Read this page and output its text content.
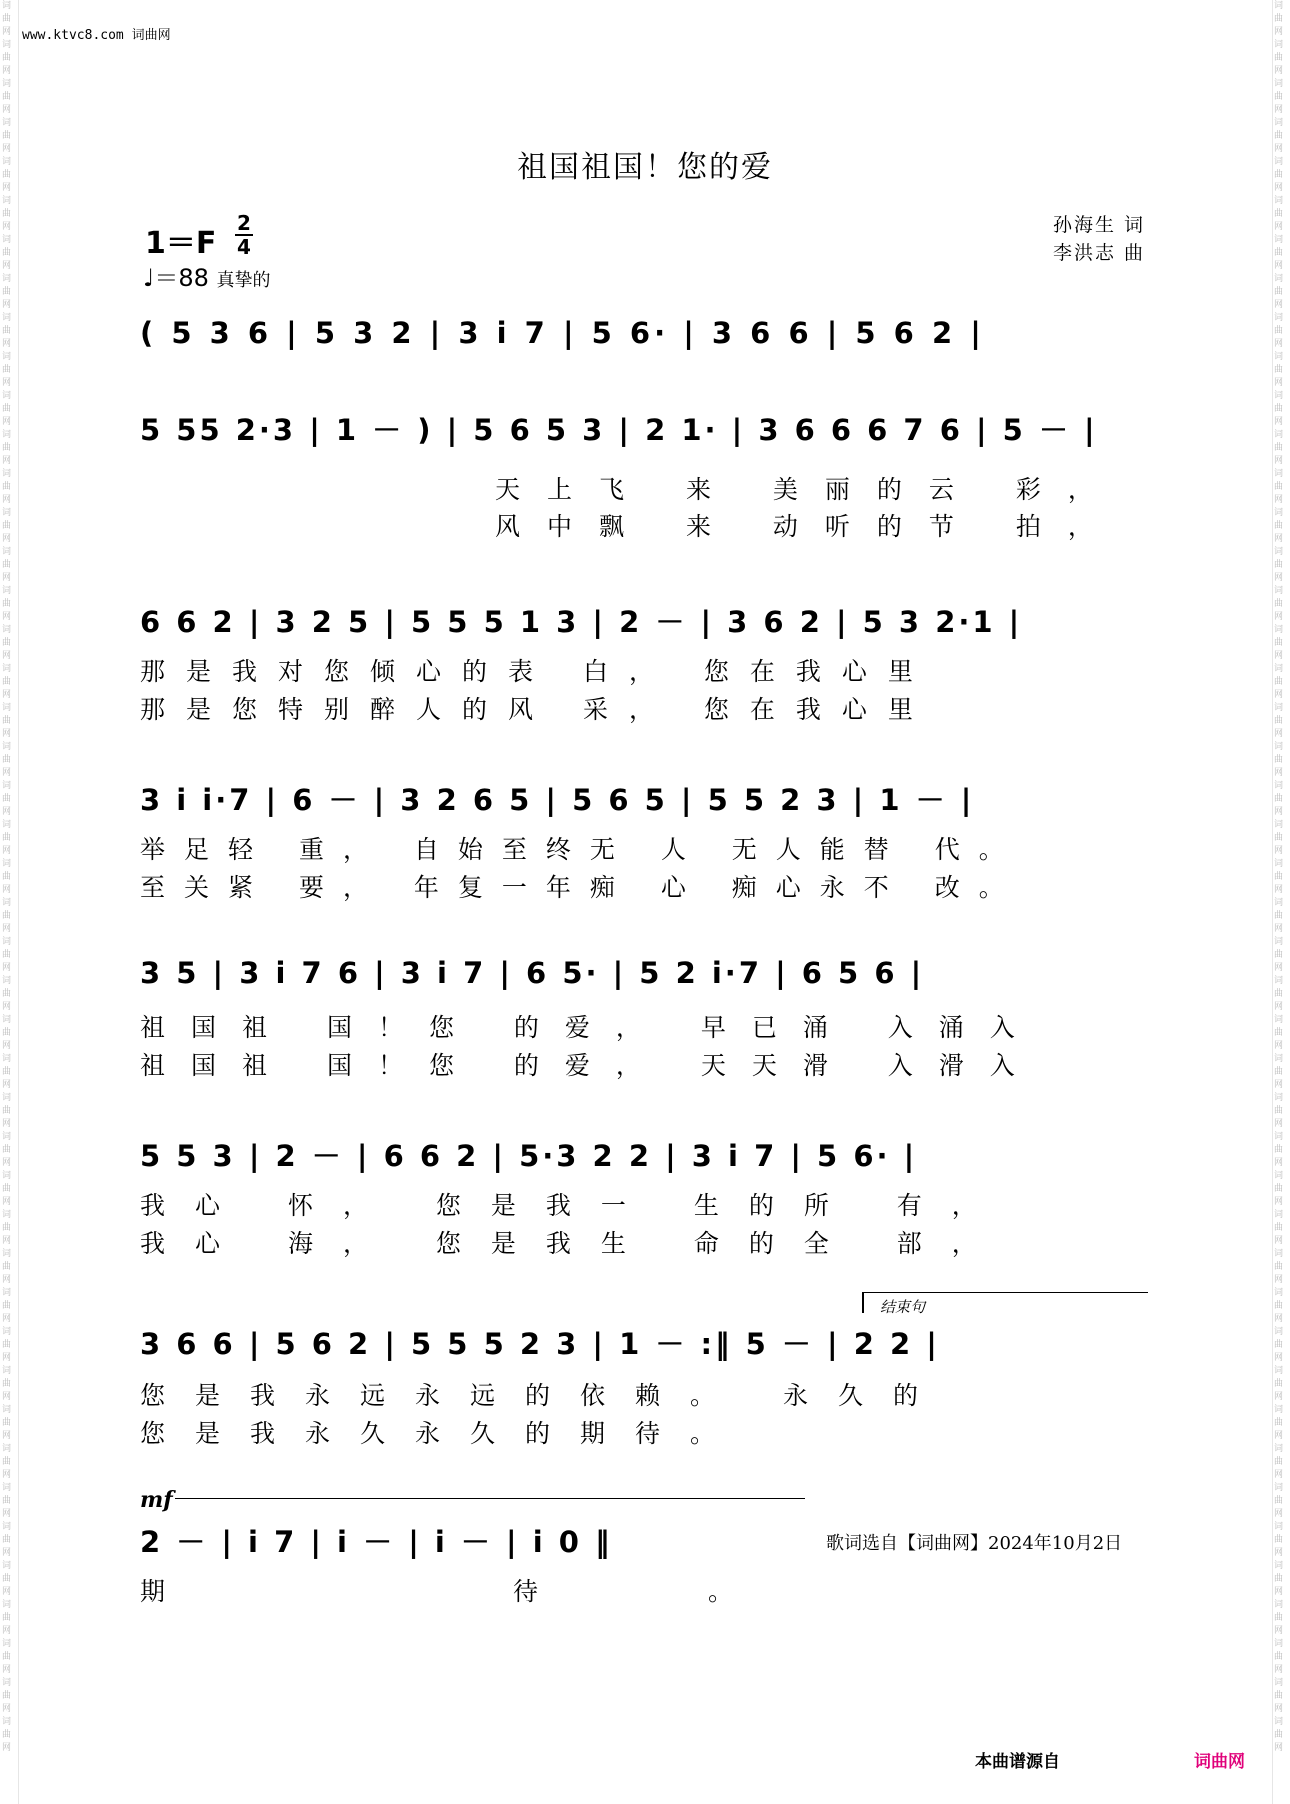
词曲网词曲网词曲网词曲网词曲网词曲网词曲网词曲网词曲网词曲网词曲网词曲网词曲网词曲网词曲网词曲网词曲网词曲网词曲网词曲网词曲网词曲网词曲网词曲网词曲网词曲网词曲网词曲网词曲网词曲网词曲网词曲网词曲网词曲网词曲网词曲网词曲网词曲网词曲网词曲网词曲网词曲网词曲网词曲网词曲网
词曲网词曲网词曲网词曲网词曲网词曲网词曲网词曲网词曲网词曲网词曲网词曲网词曲网词曲网词曲网词曲网词曲网词曲网词曲网词曲网词曲网词曲网词曲网词曲网词曲网词曲网词曲网词曲网词曲网词曲网词曲网词曲网词曲网词曲网词曲网词曲网词曲网词曲网词曲网词曲网词曲网词曲网词曲网词曲网词曲网
www.ktvc8.com 词曲网
祖国祖国！您的爱
1＝F
2
4
♩＝88 真挚的
孙海生 词
李洪志 曲
( 5 3 6 | 5 3 2 | 3 i 7 | 5 6· | 3 6 6 | 5 6 2 |
5 55 2·3 | 1 － ) | 5 6 5 3 | 2 1· | 3 6 6 6 7 6 | 5 － |
天上飞 来 美丽的云 彩，
风中飘 来 动听的节 拍，
6 6 2 | 3 2 5 | 5 5 5 1 3 | 2 － | 3 6 2 | 5 3 2·1 |
那是我对您倾心的表 白， 您在我心里
那是您特别醉人的风 采， 您在我心里
3 i i·7 | 6 － | 3 2 6 5 | 5 6 5 | 5 5 2 3 | 1 － |
举足轻 重， 自始至终无 人 无人能替 代。
至关紧 要， 年复一年痴 心 痴心永不 改。
3 5 | 3 i 7 6 | 3 i 7 | 6 5· | 5 2 i·7 | 6 5 6 |
祖国祖 国！您 的爱， 早已涌 入涌入
祖国祖 国！您 的爱， 天天滑 入滑入
5 5 3 | 2 － | 6 6 2 | 5·3 2 2 | 3 i 7 | 5 6· |
我心 怀， 您是我一 生的所 有，
我心 海， 您是我生 命的全 部，
结束句
3 6 6 | 5 6 2 | 5 5 5 2 3 | 1 － :‖ 5 － | 2 2 |
您是我永远永远的依赖。 永久的
您是我永久永久的期待。
mf
2 － | i 7 | i － | i － | i 0 ‖
期 待。
歌词选自【词曲网】2024年10月2日
本曲谱源自	词曲网
